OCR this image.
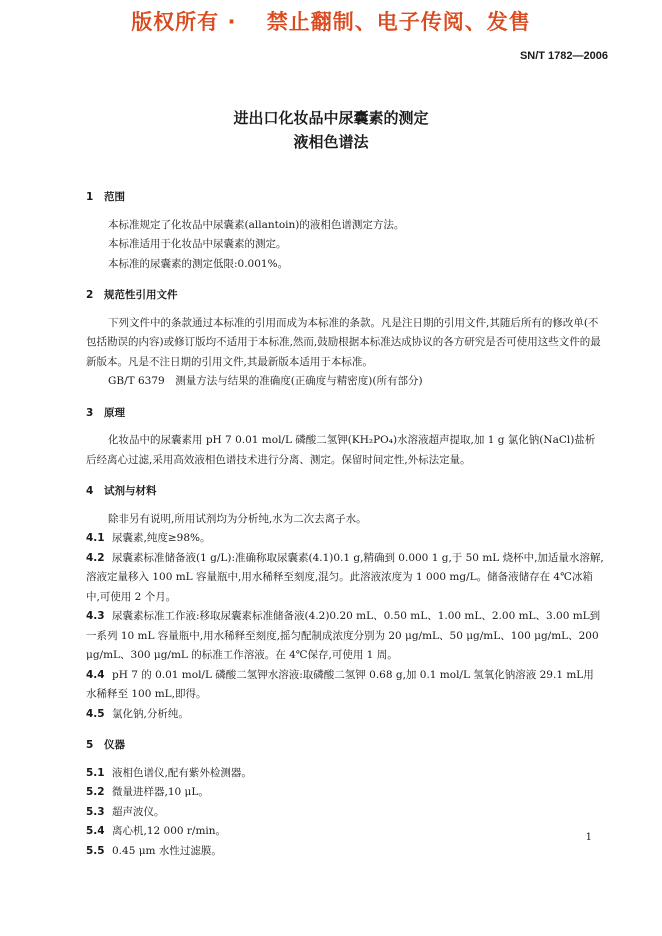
版权所有 ·　 禁止翻制、电子传阅、发售
SN/T 1782—2006
进出口化妆品中尿囊素的测定
液相色谱法
1 范围

本标准规定了化妆品中尿囊素(allantoin)的液相色谱测定方法。

本标准适用于化妆品中尿囊素的测定。

本标准的尿囊素的测定低限:0.001%。

2 规范性引用文件

下列文件中的条款通过本标准的引用而成为本标准的条款。凡是注日期的引用文件,其随后所有的修改单(不包括勘误的内容)或修订版均不适用于本标准,然而,鼓励根据本标准达成协议的各方研究是否可使用这些文件的最新版本。凡是不注日期的引用文件,其最新版本适用于本标准。

GB/T 6379　测量方法与结果的准确度(正确度与精密度)(所有部分)

3 原理

化妆品中的尿囊素用 pH 7 0.01 mol/L 磷酸二氢钾(KH₂PO₄)水溶液超声提取,加 1 g 氯化钠(NaCl)盐析后经离心过滤,采用高效液相色谱技术进行分离、测定。保留时间定性,外标法定量。

4 试剂与材料

除非另有说明,所用试剂均为分析纯,水为二次去离子水。

4.1 尿囊素,纯度≥98%。

4.2 尿囊素标准储备液(1 g/L):准确称取尿囊素(4.1)0.1 g,精确到 0.000 1 g,于 50 mL 烧杯中,加适量水溶解,溶液定量移入 100 mL 容量瓶中,用水稀释至刻度,混匀。此溶液浓度为 1 000 mg/L。储备液储存在 4℃冰箱中,可使用 2 个月。

4.3 尿囊素标准工作液:移取尿囊素标准储备液(4.2)0.20 mL、0.50 mL、1.00 mL、2.00 mL、3.00 mL到一系列 10 mL 容量瓶中,用水稀释至刻度,摇匀配制成浓度分别为 20 μg/mL、50 μg/mL、100 μg/mL、200 μg/mL、300 μg/mL 的标准工作溶液。在 4℃保存,可使用 1 周。

4.4 pH 7 的 0.01 mol/L 磷酸二氢钾水溶液:取磷酸二氢钾 0.68 g,加 0.1 mol/L 氢氧化钠溶液 29.1 mL用水稀释至 100 mL,即得。

4.5 氯化钠,分析纯。

5 仪器

5.1 液相色谱仪,配有紫外检测器。

5.2 微量进样器,10 μL。

5.3 超声波仪。

5.4 离心机,12 000 r/min。

5.5 0.45 μm 水性过滤膜。

1
